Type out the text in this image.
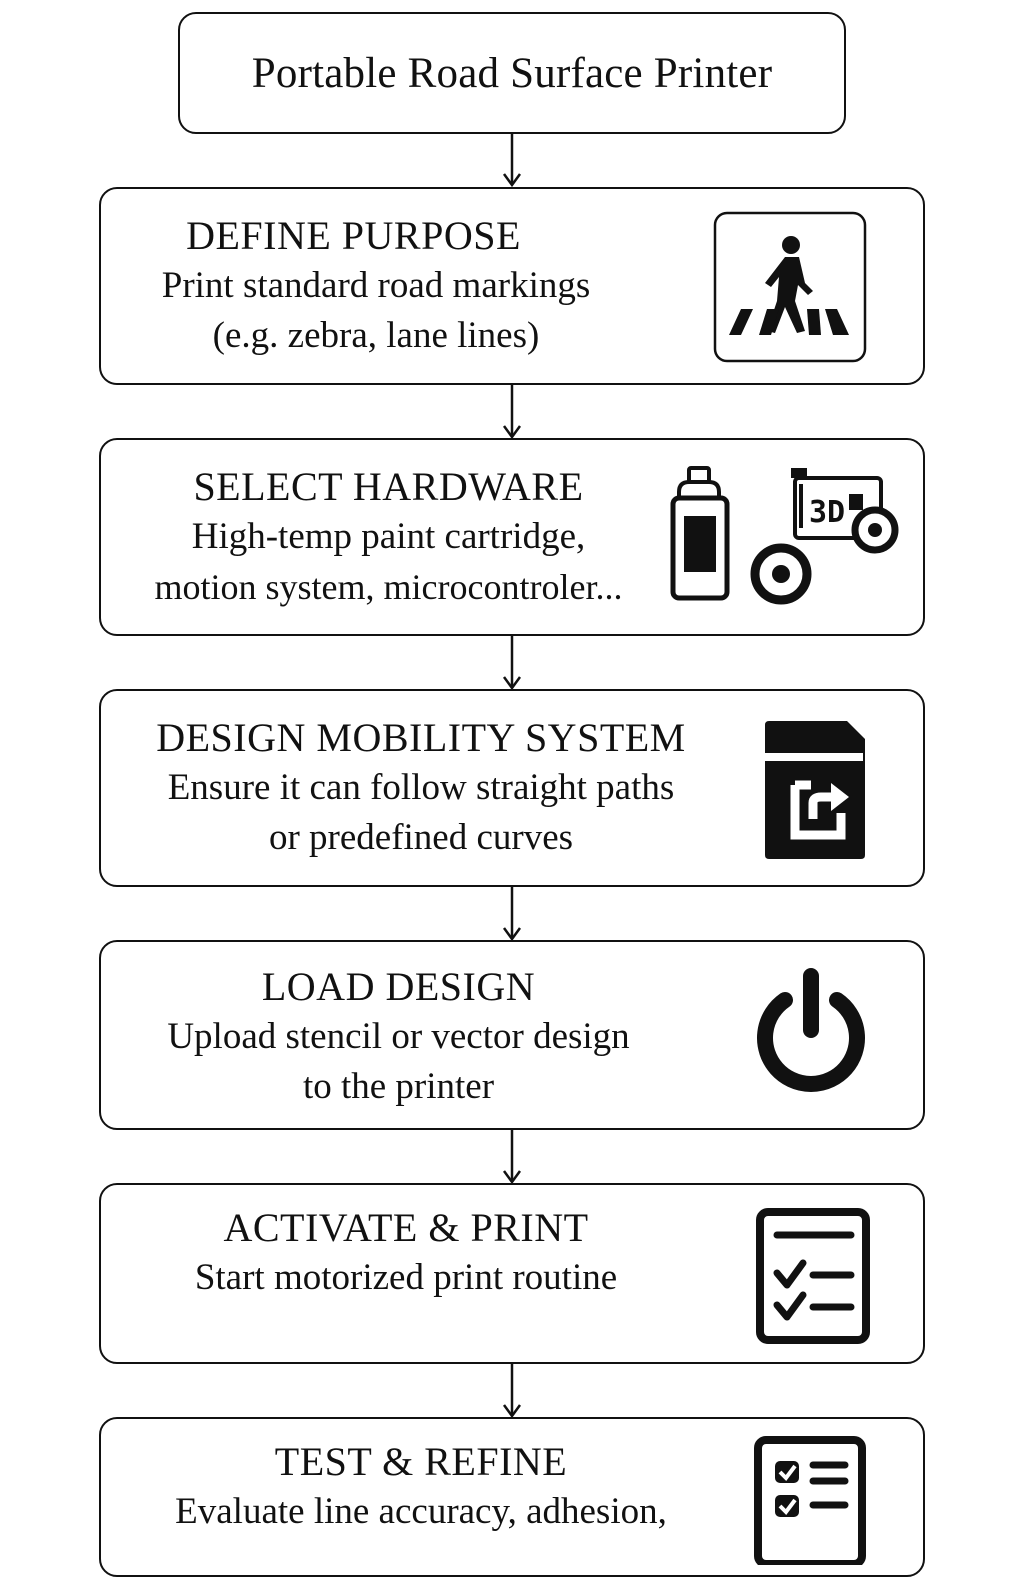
Portable Road Surface Printer
DEFINE PURPOSE
Print standard road markings
(e.g. zebra, lane lines)
SELECT HARDWARE
High-temp paint cartridge,
motion system, microcontroler...
3D
DESIGN MOBILITY SYSTEM
Ensure it can follow straight paths
or predefined curves
LOAD DESIGN
Upload stencil or vector design
to the printer
ACTIVATE & PRINT
Start motorized print routine
TEST & REFINE
Evaluate line accuracy, adhesion,
